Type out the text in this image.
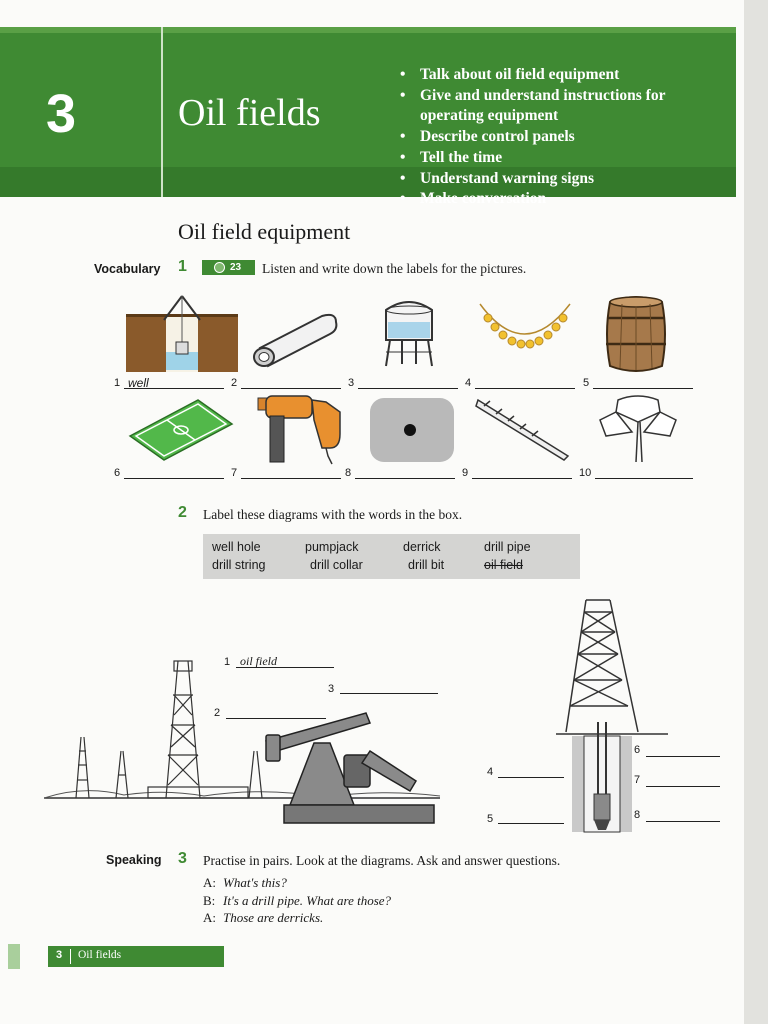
3	Oil fields
• Talk about oil field equipment
• Give and understand instructions for operating equipment
• Describe control panels
• Tell the time
• Understand warning signs
• Make conversation
Oil field equipment
Vocabulary 1	23 Listen and write down the labels for the pictures.
1 well	2	3	4	5
6	7	8	9	10
2 Label these diagrams with the words in the box.
well hole	pumpjack	derrick	drill pipe
drill string	drill collar	drill bit	oil field
1 oil field
2
3
4
5
6
7
8
Speaking 3 Practise in pairs. Look at the diagrams. Ask and answer questions.
A: What's this?
B: It's a drill pipe. What are those?
A: Those are derricks.
3 Oil fields
